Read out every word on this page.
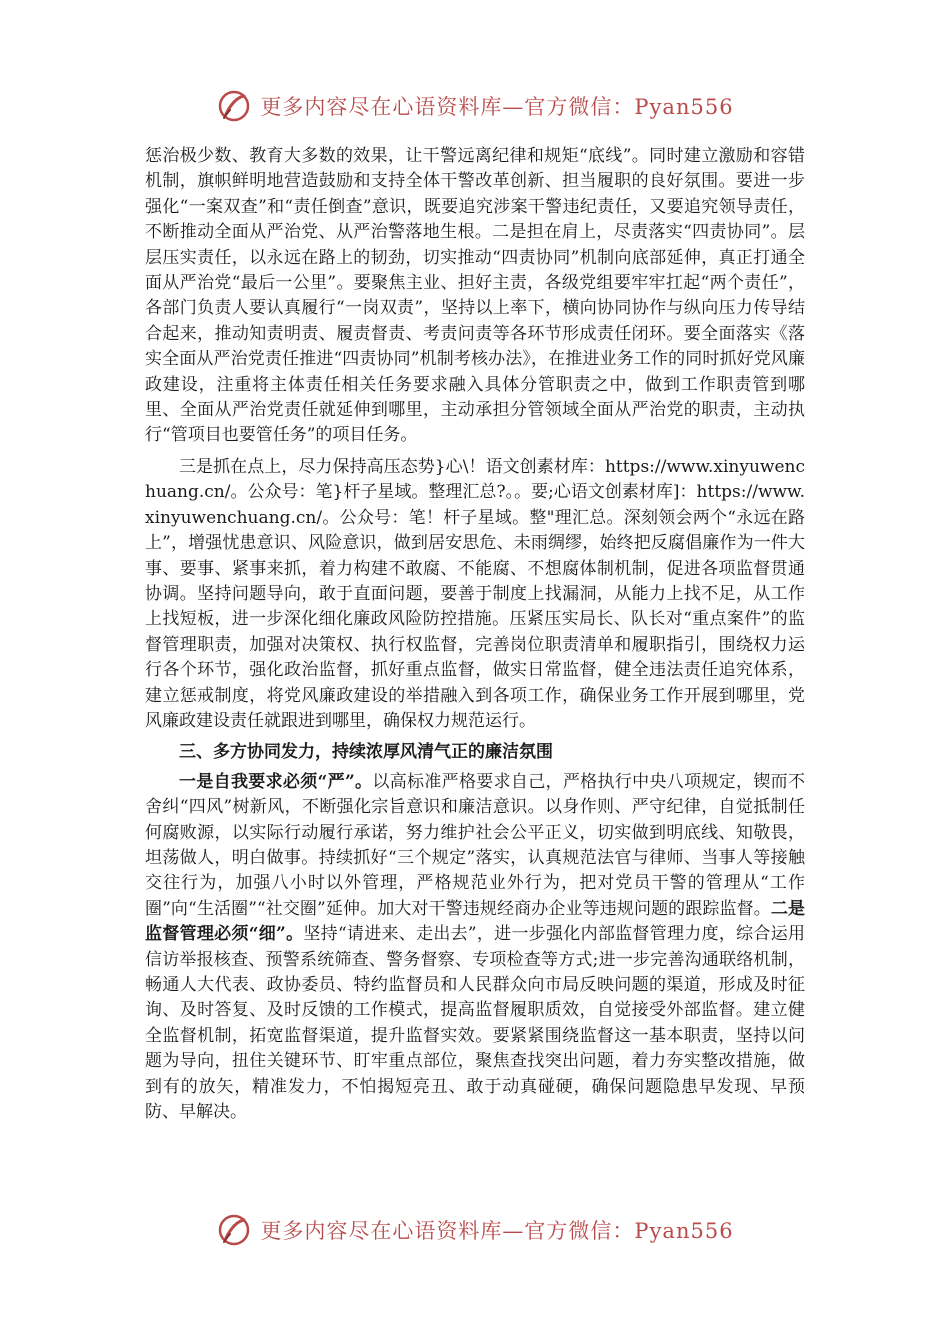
更多内容尽在心语资料库—官方微信：Pyan556

惩治极少数、教育大多数的效果，让干警远离纪律和规矩“底线”。同时建立激励和容错机制，旗帜鲜明地营造鼓励和支持全体干警改革创新、担当履职的良好氛围。要进一步强化“一案双查”和“责任倒查”意识，既要追究涉案干警违纪责任，又要追究领导责任，不断推动全面从严治党、从严治警落地生根。二是担在肩上，尽责落实“四责协同”。层层压实责任，以永远在路上的韧劲，切实推动“四责协同”机制向底部延伸，真正打通全面从严治党“最后一公里”。要聚焦主业、担好主责，各级党组要牢牢扛起“两个责任”，各部门负责人要认真履行“一岗双责”，坚持以上率下，横向协同协作与纵向压力传导结合起来，推动知责明责、履责督责、考责问责等各环节形成责任闭环。要全面落实《落实全面从严治党责任推进“四责协同”机制考核办法》，在推进业务工作的同时抓好党风廉政建设，注重将主体责任相关任务要求融入具体分管职责之中，做到工作职责管到哪里、全面从严治党责任就延伸到哪里，主动承担分管领域全面从严治党的职责，主动执行“管项目也要管任务”的项目任务。

三是抓在点上，尽力保持高压态势}心\！语文创素材库：https://www.xinyuwenchuang.cn/。公众号：笔}杆子星域。整理汇总?。。要;心语文创素材库]：https://www.xinyuwenchuang.cn/。公众号：笔！杆子星域。整"理汇总。深刻领会两个“永远在路上”，增强忧患意识、风险意识，做到居安思危、未雨绸缪，始终把反腐倡廉作为一件大事、要事、紧事来抓，着力构建不敢腐、不能腐、不想腐体制机制，促进各项监督贯通协调。坚持问题导向，敢于直面问题，要善于制度上找漏洞，从能力上找不足，从工作上找短板，进一步深化细化廉政风险防控措施。压紧压实局长、队长对“重点案件”的监督管理职责，加强对决策权、执行权监督，完善岗位职责清单和履职指引，围绕权力运行各个环节，强化政治监督，抓好重点监督，做实日常监督，健全违法责任追究体系，建立惩戒制度，将党风廉政建设的举措融入到各项工作，确保业务工作开展到哪里，党风廉政建设责任就跟进到哪里，确保权力规范运行。

三、多方协同发力，持续浓厚风清气正的廉洁氛围

一是自我要求必须“严”。以高标准严格要求自己，严格执行中央八项规定，锲而不舍纠“四风”树新风，不断强化宗旨意识和廉洁意识。以身作则、严守纪律，自觉抵制任何腐败源，以实际行动履行承诺，努力维护社会公平正义，切实做到明底线、知敬畏，坦荡做人，明白做事。持续抓好“三个规定”落实，认真规范法官与律师、当事人等接触交往行为，加强八小时以外管理，严格规范业外行为，把对党员干警的管理从“工作圈”向“生活圈”“社交圈”延伸。加大对干警违规经商办企业等违规问题的跟踪监督。二是监督管理必须“细”。坚持“请进来、走出去”，进一步强化内部监督管理力度，综合运用信访举报核查、预警系统筛查、警务督察、专项检查等方式;进一步完善沟通联络机制，畅通人大代表、政协委员、特约监督员和人民群众向市局反映问题的渠道，形成及时征询、及时答复、及时反馈的工作模式，提高监督履职质效，自觉接受外部监督。建立健全监督机制，拓宽监督渠道，提升监督实效。要紧紧围绕监督这一基本职责，坚持以问题为导向，扭住关键环节、盯牢重点部位，聚焦查找突出问题，着力夯实整改措施，做到有的放矢，精准发力，不怕揭短亮丑、敢于动真碰硬，确保问题隐患早发现、早预防、早解决。

更多内容尽在心语资料库—官方微信：Pyan556
